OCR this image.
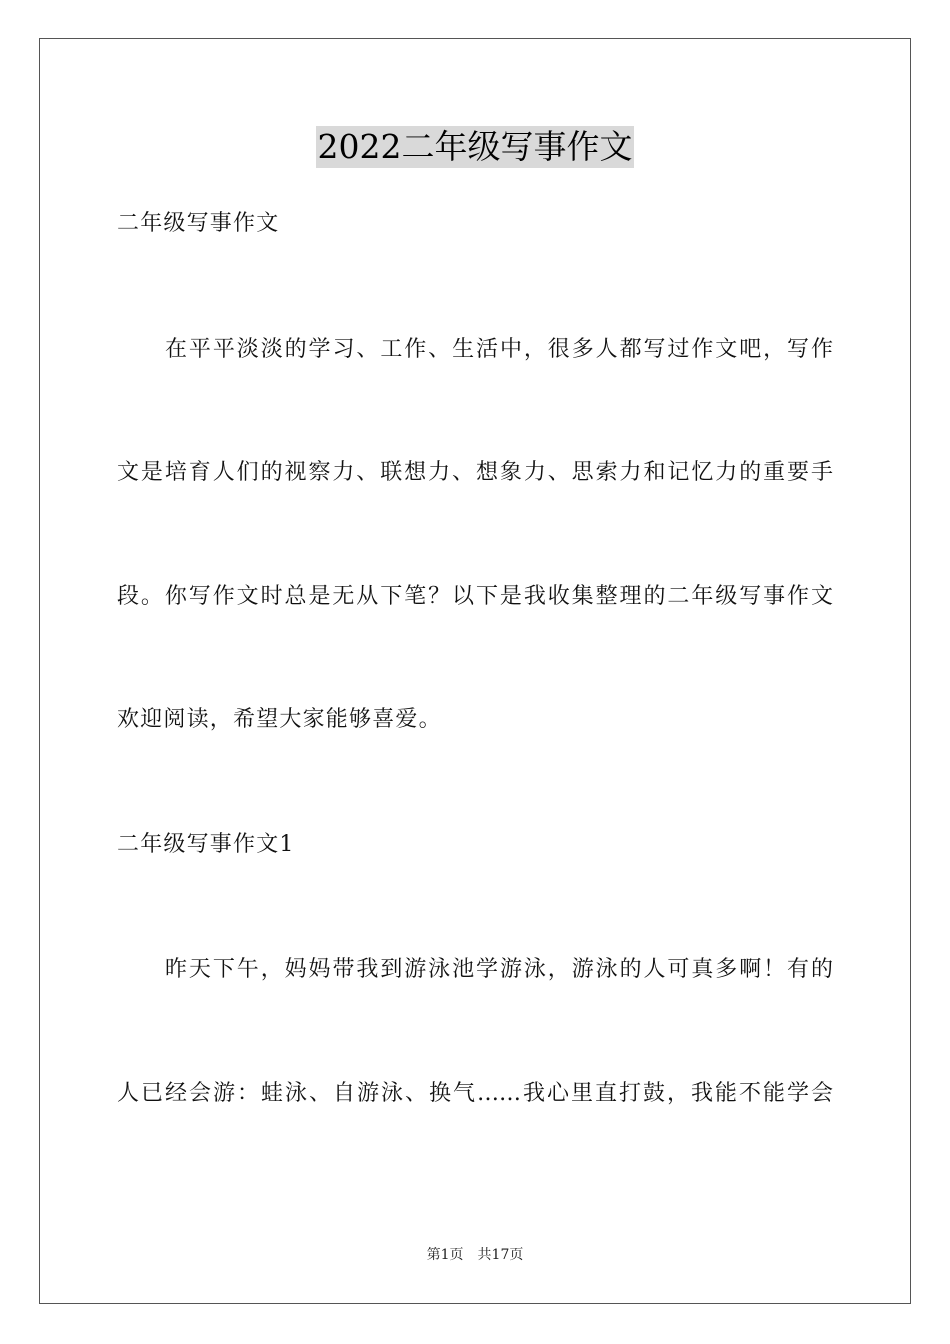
2022二年级写事作文
二年级写事作文
在平平淡淡的学习、工作、生活中，很多人都写过作文吧，写作
文是培育人们的视察力、联想力、想象力、思索力和记忆力的重要手
段。你写作文时总是无从下笔？以下是我收集整理的二年级写事作文
欢迎阅读，希望大家能够喜爱。
二年级写事作文1
昨天下午，妈妈带我到游泳池学游泳，游泳的人可真多啊！有的
人已经会游：蛙泳、自游泳、换气……我心里直打鼓，我能不能学会
第1页 共17页
